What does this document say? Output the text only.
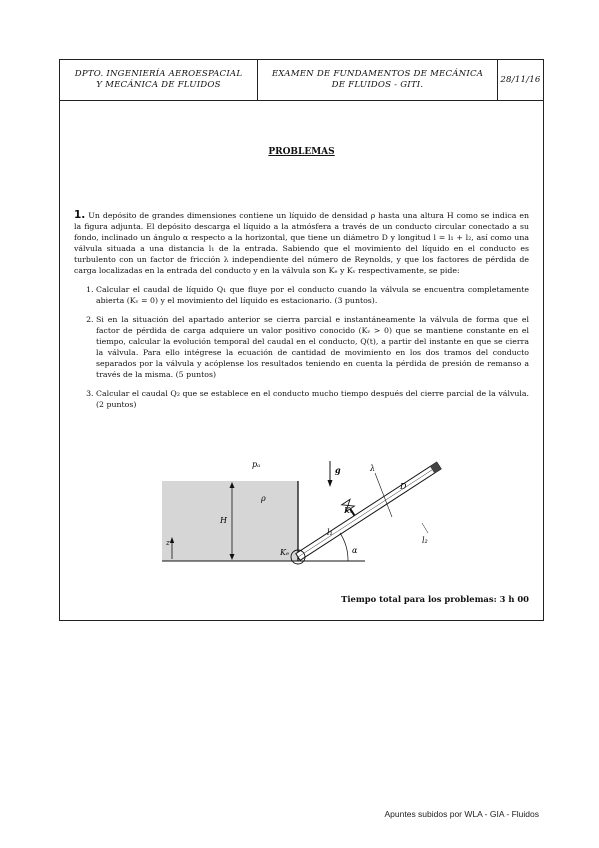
DPTO. INGENIERÍA AEROESPACIAL
Y MECÁNICA DE FLUIDOS
EXAMEN DE FUNDAMENTOS DE MECÁNICA
DE FLUIDOS - GITI.
28/11/16
PROBLEMAS
1. Un depósito de grandes dimensiones contiene un líquido de densidad ρ hasta una altura H como se indica en la figura adjunta. El depósito descarga el líquido a la atmósfera a través de un conducto circular conectado a su fondo, inclinado un ángulo α respecto a la horizontal, que tiene un diámetro D y longitud l = l₁ + l₂, así como una válvula situada a una distancia l₁ de la entrada. Sabiendo que el movimiento del líquido en el conducto es turbulento con un factor de fricción λ independiente del número de Reynolds, y que los factores de pérdida de carga localizadas en la entrada del conducto y en la válvula son Kₑ y Kᵥ respectivamente, se pide:
1. Calcular el caudal de líquido Q₁ que fluye por el conducto cuando la válvula se encuentra completamente abierta (Kᵥ = 0) y el movimiento del líquido es estacionario. (3 puntos).
2. Si en la situación del apartado anterior se cierra parcial e instantáneamente la válvula de forma que el factor de pérdida de carga adquiere un valor positivo conocido (Kᵥ > 0) que se mantiene constante en el tiempo, calcular la evolución temporal del caudal en el conducto, Q(t), a partir del instante en que se cierra la válvula. Para ello intégrese la ecuación de cantidad de movimiento en los dos tramos del conducto separados por la válvula y acóplense los resultados teniendo en cuenta la pérdida de presión de remanso a través de la misma. (5 puntos)
3. Calcular el caudal Q₂ que se establece en el conducto mucho tiempo después del cierre parcial de la válvula. (2 puntos)
pₐ
ρ
H
z
Kₑ
Kᵥ
g	λ
D
l₁
l₂
α
Tiempo total para los problemas: 3 h 00
Apuntes subidos por WLA - GIA - Fluidos
